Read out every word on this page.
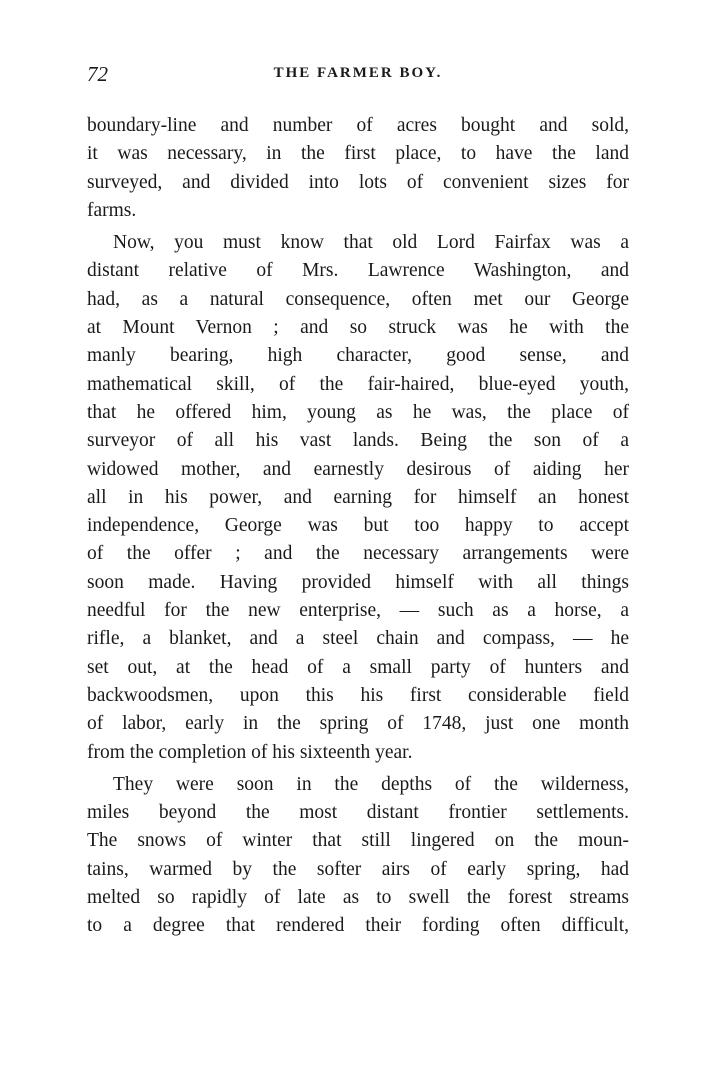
72	THE FARMER BOY.
boundary-line and number of acres bought and sold,
it was necessary, in the first place, to have the land
surveyed, and divided into lots of convenient sizes for
farms.
Now, you must know that old Lord Fairfax was a
distant relative of Mrs. Lawrence Washington, and
had, as a natural consequence, often met our George
at Mount Vernon ; and so struck was he with the
manly bearing, high character, good sense, and
mathematical skill, of the fair-haired, blue-eyed youth,
that he offered him, young as he was, the place of
surveyor of all his vast lands. Being the son of a
widowed mother, and earnestly desirous of aiding her
all in his power, and earning for himself an honest
independence, George was but too happy to accept
of the offer ; and the necessary arrangements were
soon made. Having provided himself with all things
needful for the new enterprise, — such as a horse, a
rifle, a blanket, and a steel chain and compass, — he
set out, at the head of a small party of hunters and
backwoodsmen, upon this his first considerable field
of labor, early in the spring of 1748, just one month
from the completion of his sixteenth year.
They were soon in the depths of the wilderness,
miles beyond the most distant frontier settlements.
The snows of winter that still lingered on the moun-
tains, warmed by the softer airs of early spring, had
melted so rapidly of late as to swell the forest streams
to a degree that rendered their fording often difficult,
